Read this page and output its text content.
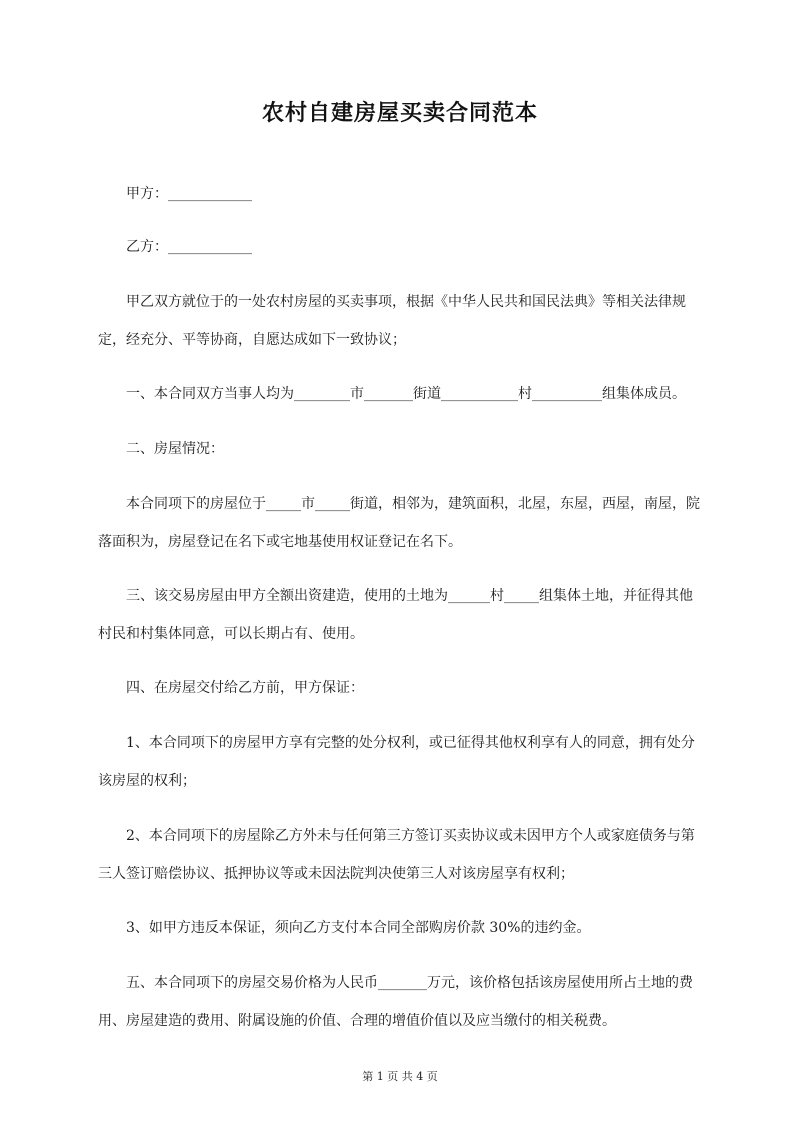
农村自建房屋买卖合同范本

甲方：____________

乙方：____________

甲乙双方就位于的一处农村房屋的买卖事项，根据《中华人民共和国民法典》等相关法律规定，经充分、平等协商，自愿达成如下一致协议；

一、本合同双方当事人均为________市_______街道___________村__________组集体成员。

二、房屋情况：

本合同项下的房屋位于_____市_____街道，相邻为，建筑面积，北屋，东屋，西屋，南屋，院落面积为，房屋登记在名下或宅地基使用权证登记在名下。

三、该交易房屋由甲方全额出资建造，使用的土地为______村_____组集体土地，并征得其他村民和村集体同意，可以长期占有、使用。

四、在房屋交付给乙方前，甲方保证：

1、本合同项下的房屋甲方享有完整的处分权利，或已征得其他权利享有人的同意，拥有处分该房屋的权利；

2、本合同项下的房屋除乙方外未与任何第三方签订买卖协议或未因甲方个人或家庭债务与第三人签订赔偿协议、抵押协议等或未因法院判决使第三人对该房屋享有权利；

3、如甲方违反本保证，须向乙方支付本合同全部购房价款 30%的违约金。

五、本合同项下的房屋交易价格为人民币_______万元，该价格包括该房屋使用所占土地的费用、房屋建造的费用、附属设施的价值、合理的增值价值以及应当缴付的相关税费。

第 1 页 共 4 页
